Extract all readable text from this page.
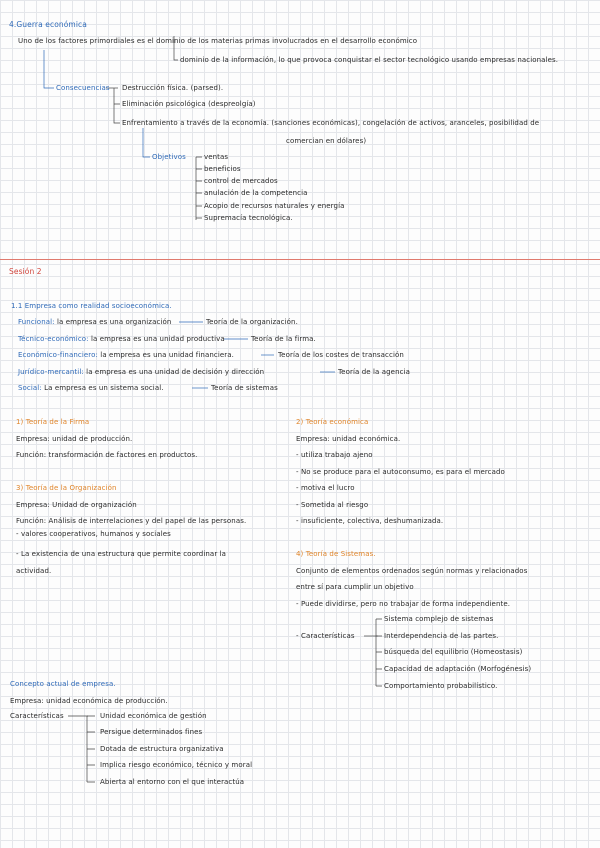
4.Guerra económica
Uno de los factores primordiales es el dominio de los materias primas involucrados en el desarrollo económico
dominio de la información, lo que provoca conquistar el sector tecnológico usando empresas nacionales.
Consecuencias Destrucción física. (parsed).
Eliminación psicológica (despreolgía)
Enfrentamiento a través de la economía. (sanciones económicas), congelación de activos, aranceles, posibilidad de
comercian en dólares)
Objetivos	ventas
beneficios
control de mercados
anulación de la competencia
Acopio de recursos naturales y energía
Supremacía tecnológica.
Sesión 2
1.1 Empresa como realidad socioeconómica.
Funcional: la empresa es una organización	Teoría de la organización.
Técnico-económico: la empresa es una unidad productiva	Teoría de la firma.
Económico-financiero: la empresa es una unidad financiera.	Teoría de los costes de transacción
Jurídico-mercantil: la empresa es una unidad de decisión y dirección	Teoría de la agencia
Social: La empresa es un sistema social.	Teoría de sistemas
1) Teoría de la Firma
Empresa: unidad de producción.
Función: transformación de factores en productos.
3) Teoría de la Organización
Empresa: Unidad de organización
Función: Análisis de interrelaciones y del papel de las personas.
- valores cooperativos, humanos y sociales
- La existencia de una estructura que permite coordinar la
actividad.
2) Teoría económica
Empresa: unidad económica.
- utiliza trabajo ajeno
- No se produce para el autoconsumo, es para el mercado
- motiva el lucro
- Sometida al riesgo
- insuficiente, colectiva, deshumanizada.
4) Teoría de Sistemas.
Conjunto de elementos ordenados según normas y relacionados
entre sí para cumplir un objetivo
- Puede dividirse, pero no trabajar de forma independiente.
- Características
Sistema complejo de sistemas
Interdependencia de las partes.
búsqueda del equilibrio (Homeostasis)
Capacidad de adaptación (Morfogénesis)
Comportamiento probabilístico.
Concepto actual de empresa.
Empresa: unidad económica de producción.
Características	Unidad económica de gestión
Persigue determinados fines
Dotada de estructura organizativa
Implica riesgo económico, técnico y moral
Abierta al entorno con el que interactúa
